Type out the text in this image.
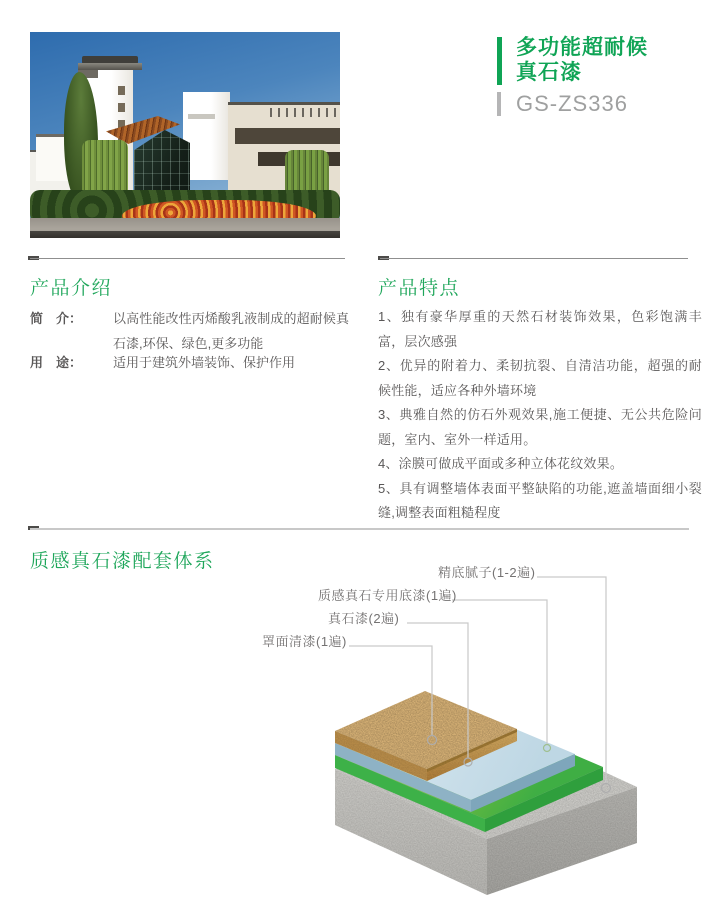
多功能超耐候
真石漆
GS-ZS336
产品介绍
简　介： 以高性能改性丙烯酸乳液制成的超耐候真石漆,环保、绿色,更多功能
用　途： 适用于建筑外墙装饰、保护作用
产品特点

1、独有豪华厚重的天然石材装饰效果，色彩饱满丰富，层次感强

2、优异的附着力、柔韧抗裂、自清洁功能，超强的耐候性能，适应各种外墙环境

3、典雅自然的仿石外观效果,施工便捷、无公共危险问题，室内、室外一样适用。

4、涂膜可做成平面或多种立体花纹效果。

5、具有调整墙体表面平整缺陷的功能,遮盖墙面细小裂缝,调整表面粗糙程度

质感真石漆配套体系
精底腻子(1-2遍)
质感真石专用底漆(1遍)
真石漆(2遍)
罩面清漆(1遍)
